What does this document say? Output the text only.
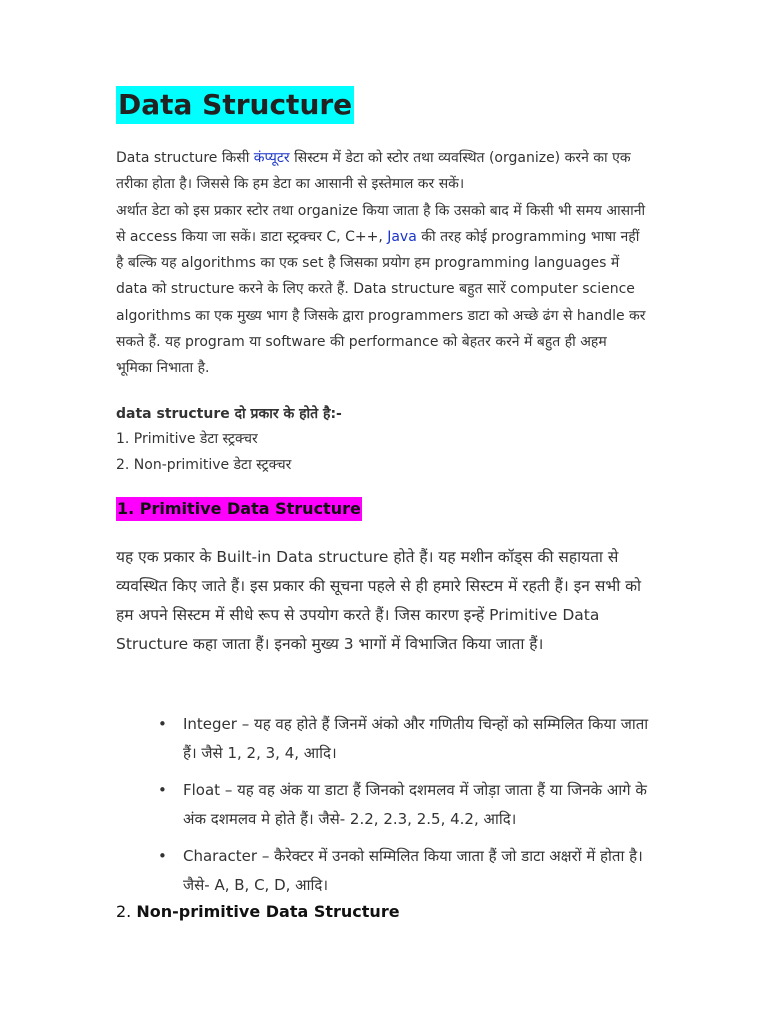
Data Structure
Data structure किसी कंप्यूटर सिस्टम में डेटा को स्टोर तथा व्यवस्थित (organize) करने का एक तरीका होता है। जिससे कि हम डेटा का आसानी से इस्तेमाल कर सकें।
अर्थात डेटा को इस प्रकार स्टोर तथा organize किया जाता है कि उसको बाद में किसी भी समय आसानी से access किया जा सकें। डाटा स्ट्रक्चर C, C++, Java की तरह कोई programming भाषा नहीं है बल्कि यह algorithms का एक set है जिसका प्रयोग हम programming languages में data को structure करने के लिए करते हैं. Data structure बहुत सारें computer science algorithms का एक मुख्य भाग है जिसके द्वारा programmers डाटा को अच्छे ढंग से handle कर सकते हैं. यह program या software की performance को बेहतर करने में बहुत ही अहम भूमिका निभाता है.
data structure दो प्रकार के होते है:-
1. Primitive डेटा स्ट्रक्चर
2. Non-primitive डेटा स्ट्रक्चर
1. Primitive Data Structure
यह एक प्रकार के Built-in Data structure होते हैं। यह मशीन कॉड्स की सहायता से व्यवस्थित किए जाते हैं। इस प्रकार की सूचना पहले से ही हमारे सिस्टम में रहती हैं। इन सभी को हम अपने सिस्टम में सीधे रूप से उपयोग करते हैं। जिस कारण इन्हें Primitive Data Structure कहा जाता हैं। इनको मुख्य 3 भागों में विभाजित किया जाता हैं।
• Integer – यह वह होते हैं जिनमें अंको और गणितीय चिन्हों को सम्मिलित किया जाता हैं। जैसे 1, 2, 3, 4, आदि।
• Float – यह वह अंक या डाटा हैं जिनको दशमलव में जोड़ा जाता हैं या जिनके आगे के अंक दशमलव मे होते हैं। जैसे- 2.2, 2.3, 2.5, 4.2, आदि।
• Character – कैरेक्टर में उनको सम्मिलित किया जाता हैं जो डाटा अक्षरों में होता है। जैसे- A, B, C, D, आदि।
2. Non-primitive Data Structure
